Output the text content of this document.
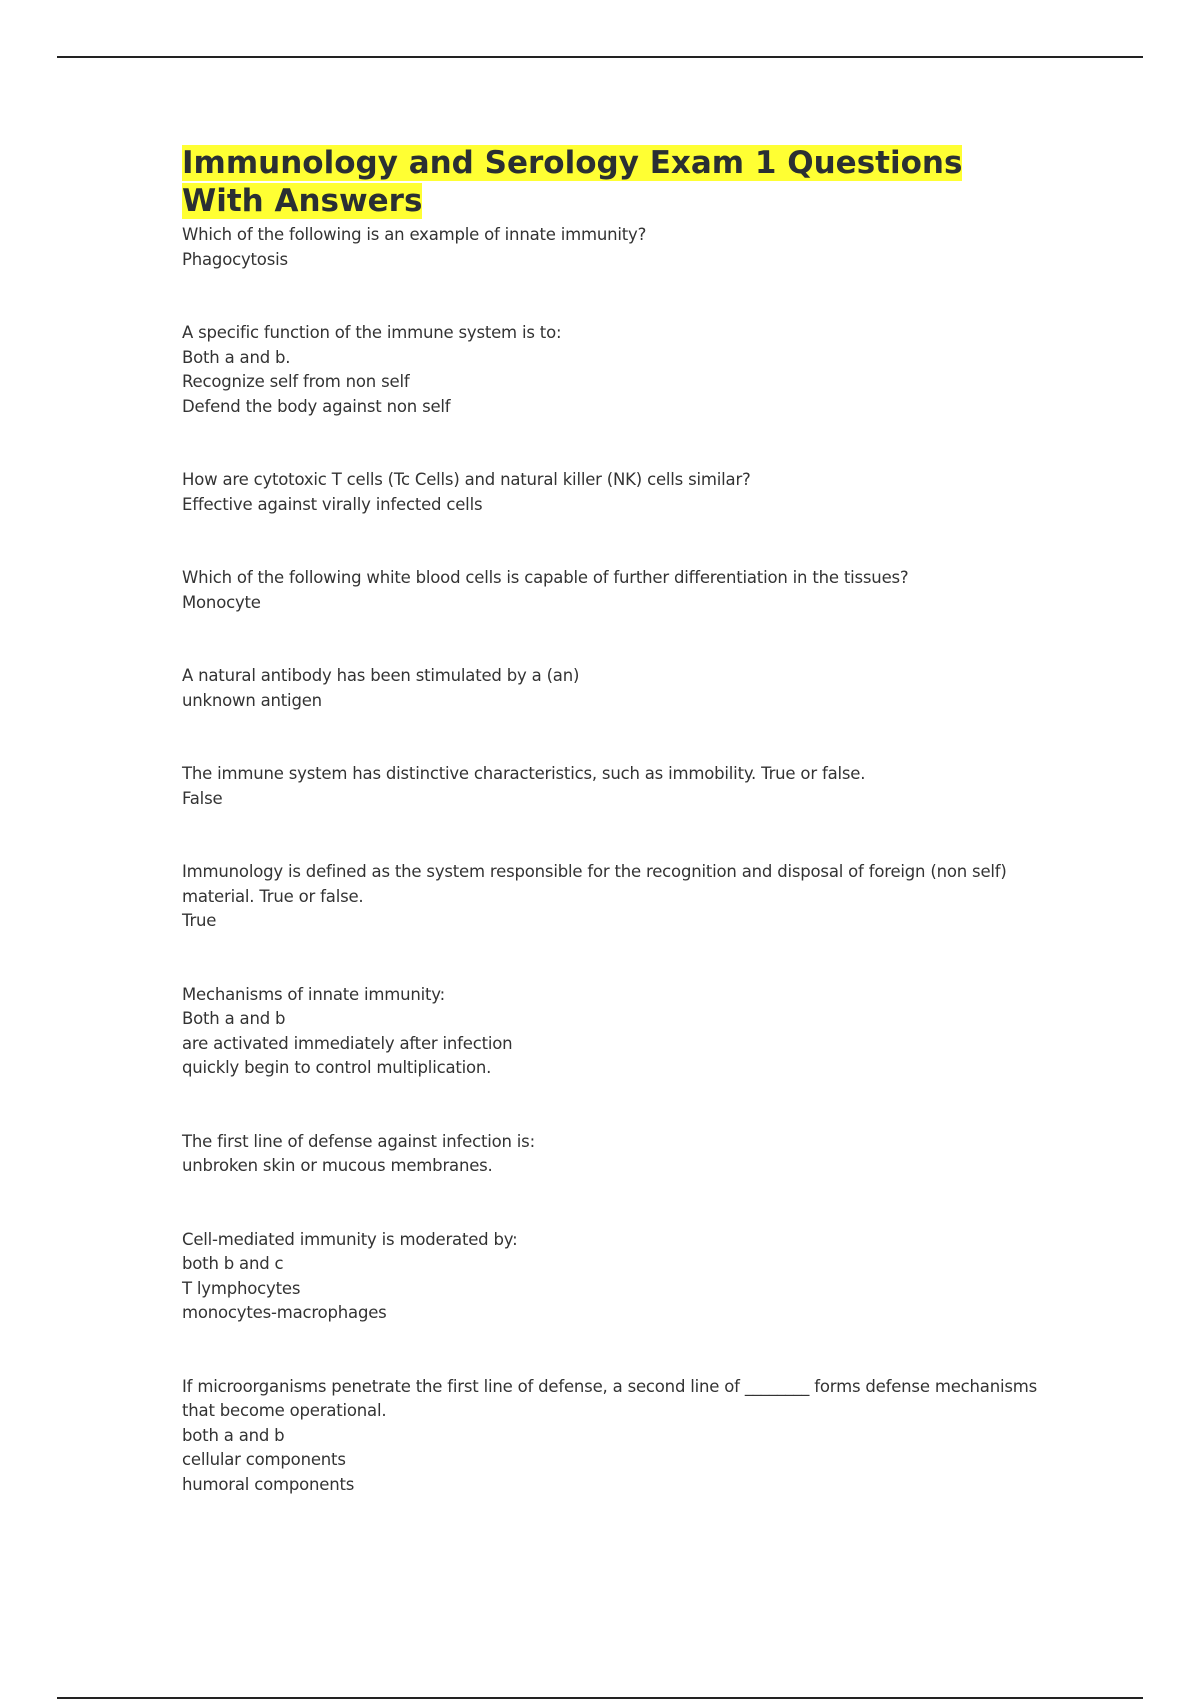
Immunology and Serology Exam 1 Questions With Answers
Which of the following is an example of innate immunity?
Phagocytosis
A specific function of the immune system is to:
Both a and b.
Recognize self from non self
Defend the body against non self
How are cytotoxic T cells (Tc Cells) and natural killer (NK) cells similar?
Effective against virally infected cells
Which of the following white blood cells is capable of further differentiation in the tissues?
Monocyte
A natural antibody has been stimulated by a (an)
unknown antigen
The immune system has distinctive characteristics, such as immobility. True or false.
False
Immunology is defined as the system responsible for the recognition and disposal of foreign (non self) material. True or false.
True
Mechanisms of innate immunity:
Both a and b
are activated immediately after infection
quickly begin to control multiplication.
The first line of defense against infection is:
unbroken skin or mucous membranes.
Cell-mediated immunity is moderated by:
both b and c
T lymphocytes
monocytes-macrophages
If microorganisms penetrate the first line of defense, a second line of ________ forms defense mechanisms that become operational.
both a and b
cellular components
humoral components
